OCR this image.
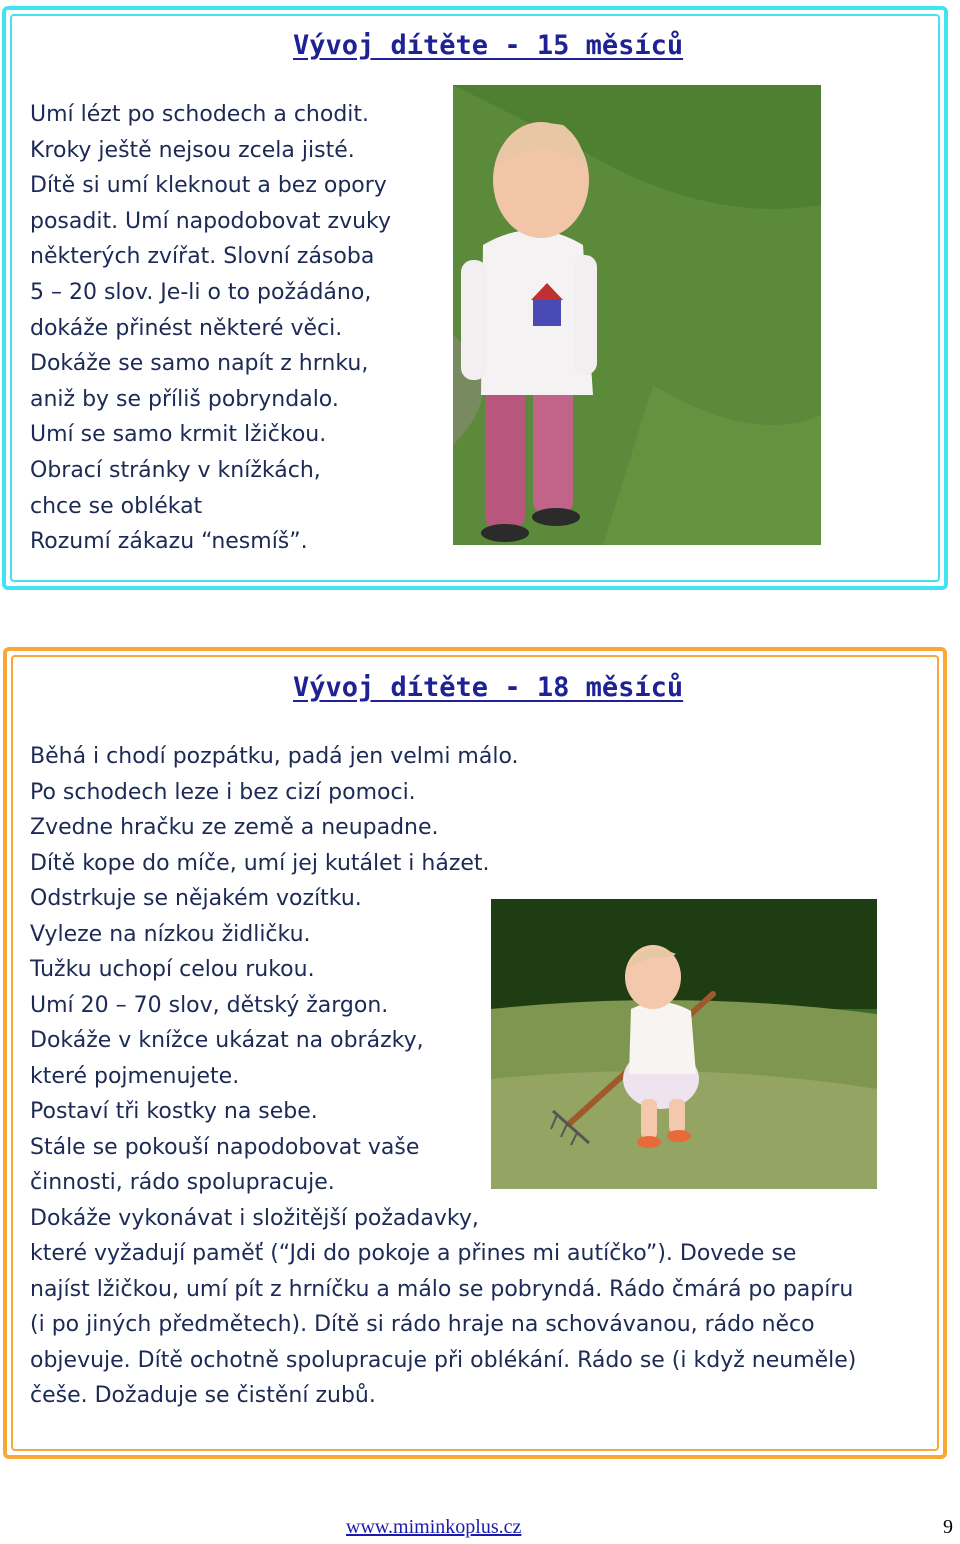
Vývoj dítěte - 15 měsíců
Umí lézt po schodech a chodit.
Kroky ještě nejsou zcela jisté.
Dítě si umí kleknout a bez opory
posadit. Umí napodobovat zvuky
některých zvířat. Slovní zásoba
5 – 20 slov. Je-li o to požádáno,
dokáže přinést některé věci.
Dokáže se samo napít z hrnku,
aniž by se příliš pobryndalo.
Umí se samo krmit lžičkou.
Obrací stránky v knížkách,
chce se oblékat
Rozumí zákazu “nesmíš”.
Vývoj dítěte - 18 měsíců
Běhá i chodí pozpátku, padá jen velmi málo.
Po schodech leze i bez cizí pomoci.
Zvedne hračku ze země a neupadne.
Dítě kope do míče, umí jej kutálet i házet.
Odstrkuje se nějakém vozítku.
Vyleze na nízkou židličku.
Tužku uchopí celou rukou.
Umí 20 – 70 slov, dětský žargon.
Dokáže v knížce ukázat na obrázky,
které pojmenujete.
Postaví tři kostky na sebe.
Stále se pokouší napodobovat vaše
činnosti, rádo spolupracuje.
Dokáže vykonávat i složitější požadavky,
které vyžadují paměť (“Jdi do pokoje a přines mi autíčko”). Dovede se
najíst lžičkou, umí pít z hrníčku a málo se pobryndá. Rádo čmárá po papíru
(i po jiných předmětech). Dítě si rádo hraje na schovávanou, rádo něco
objevuje. Dítě ochotně spolupracuje při oblékání. Rádo se (i když neuměle)
češe. Dožaduje se čistění zubů.
www.miminkoplus.cz	9
